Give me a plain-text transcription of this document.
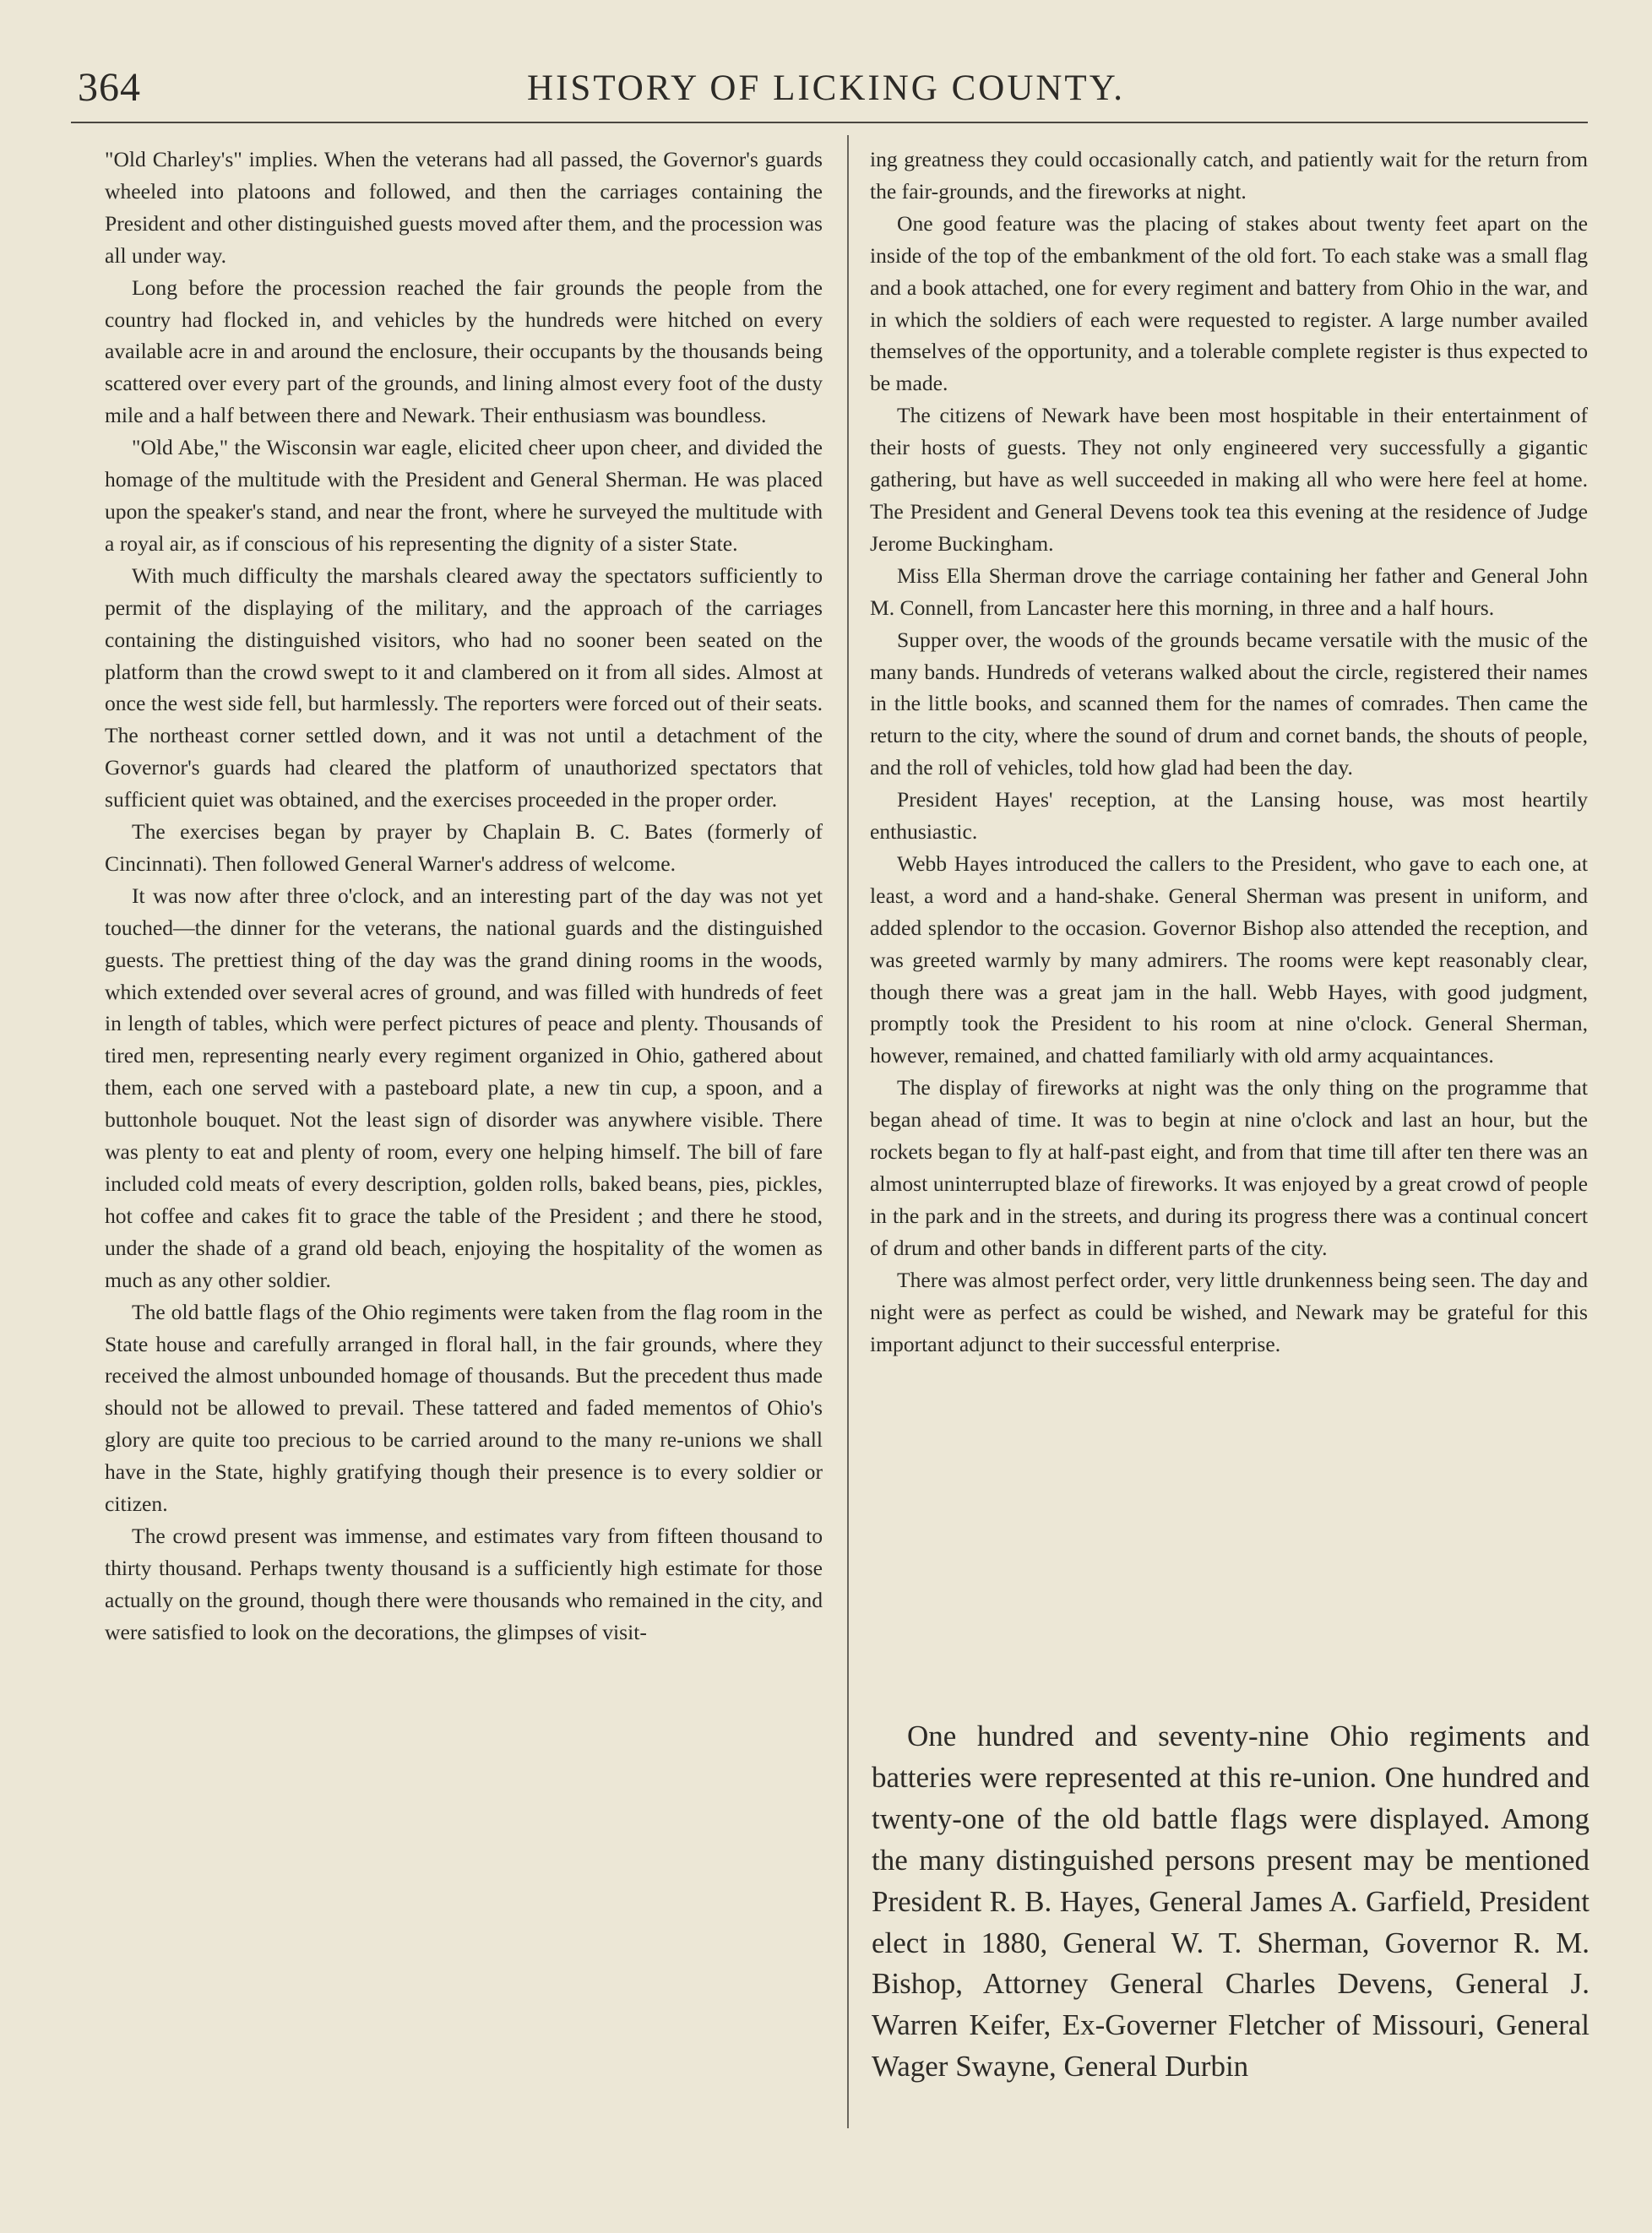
364	HISTORY OF LICKING COUNTY.

"Old Charley's" implies. When the veterans had all passed, the Governor's guards wheeled into platoons and followed, and then the carriages containing the President and other distinguished guests moved after them, and the procession was all under way.

Long before the procession reached the fair grounds the people from the country had flocked in, and vehicles by the hundreds were hitched on every available acre in and around the enclosure, their occupants by the thousands being scattered over every part of the grounds, and lining almost every foot of the dusty mile and a half between there and Newark. Their enthusiasm was boundless.

"Old Abe," the Wisconsin war eagle, elicited cheer upon cheer, and divided the homage of the multitude with the President and General Sherman. He was placed upon the speaker's stand, and near the front, where he surveyed the multitude with a royal air, as if conscious of his representing the dignity of a sister State.

With much difficulty the marshals cleared away the spectators sufficiently to permit of the displaying of the military, and the approach of the carriages containing the distinguished visitors, who had no sooner been seated on the platform than the crowd swept to it and clambered on it from all sides. Almost at once the west side fell, but harmlessly. The reporters were forced out of their seats. The northeast corner settled down, and it was not until a detachment of the Governor's guards had cleared the platform of unauthorized spectators that sufficient quiet was obtained, and the exercises proceeded in the proper order.

The exercises began by prayer by Chaplain B. C. Bates (formerly of Cincinnati). Then followed General Warner's address of welcome.

It was now after three o'clock, and an interesting part of the day was not yet touched—the dinner for the veterans, the national guards and the distinguished guests. The prettiest thing of the day was the grand dining rooms in the woods, which extended over several acres of ground, and was filled with hundreds of feet in length of tables, which were perfect pictures of peace and plenty. Thousands of tired men, representing nearly every regiment organized in Ohio, gathered about them, each one served with a pasteboard plate, a new tin cup, a spoon, and a buttonhole bouquet. Not the least sign of disorder was anywhere visible. There was plenty to eat and plenty of room, every one helping himself. The bill of fare included cold meats of every description, golden rolls, baked beans, pies, pickles, hot coffee and cakes fit to grace the table of the President ; and there he stood, under the shade of a grand old beach, enjoying the hospitality of the women as much as any other soldier.

The old battle flags of the Ohio regiments were taken from the flag room in the State house and carefully arranged in floral hall, in the fair grounds, where they received the almost unbounded homage of thousands. But the precedent thus made should not be allowed to prevail. These tattered and faded mementos of Ohio's glory are quite too precious to be carried around to the many re-unions we shall have in the State, highly gratifying though their presence is to every soldier or citizen.

The crowd present was immense, and estimates vary from fifteen thousand to thirty thousand. Perhaps twenty thousand is a sufficiently high estimate for those actually on the ground, though there were thousands who remained in the city, and were satisfied to look on the decorations, the glimpses of visit-

ing greatness they could occasionally catch, and patiently wait for the return from the fair-grounds, and the fireworks at night.

One good feature was the placing of stakes about twenty feet apart on the inside of the top of the embankment of the old fort. To each stake was a small flag and a book attached, one for every regiment and battery from Ohio in the war, and in which the soldiers of each were requested to register. A large number availed themselves of the opportunity, and a tolerable complete register is thus expected to be made.

The citizens of Newark have been most hospitable in their entertainment of their hosts of guests. They not only engineered very successfully a gigantic gathering, but have as well succeeded in making all who were here feel at home. The President and General Devens took tea this evening at the residence of Judge Jerome Buckingham.

Miss Ella Sherman drove the carriage containing her father and General John M. Connell, from Lancaster here this morning, in three and a half hours.

Supper over, the woods of the grounds became versatile with the music of the many bands. Hundreds of veterans walked about the circle, registered their names in the little books, and scanned them for the names of comrades. Then came the return to the city, where the sound of drum and cornet bands, the shouts of people, and the roll of vehicles, told how glad had been the day.

President Hayes' reception, at the Lansing house, was most heartily enthusiastic.

Webb Hayes introduced the callers to the President, who gave to each one, at least, a word and a hand-shake. General Sherman was present in uniform, and added splendor to the occasion. Governor Bishop also attended the reception, and was greeted warmly by many admirers. The rooms were kept reasonably clear, though there was a great jam in the hall. Webb Hayes, with good judgment, promptly took the President to his room at nine o'clock. General Sherman, however, remained, and chatted familiarly with old army acquaintances.

The display of fireworks at night was the only thing on the programme that began ahead of time. It was to begin at nine o'clock and last an hour, but the rockets began to fly at half-past eight, and from that time till after ten there was an almost uninterrupted blaze of fireworks. It was enjoyed by a great crowd of people in the park and in the streets, and during its progress there was a continual concert of drum and other bands in different parts of the city.

There was almost perfect order, very little drunkenness being seen. The day and night were as perfect as could be wished, and Newark may be grateful for this important adjunct to their successful enterprise.

One hundred and seventy-nine Ohio regiments and batteries were represented at this re-union. One hundred and twenty-one of the old battle flags were displayed. Among the many distinguished persons present may be mentioned President R. B. Hayes, General James A. Garfield, President elect in 1880, General W. T. Sherman, Governor R. M. Bishop, Attorney General Charles Devens, General J. Warren Keifer, Ex-Governer Fletcher of Missouri, General Wager Swayne, General Durbin
